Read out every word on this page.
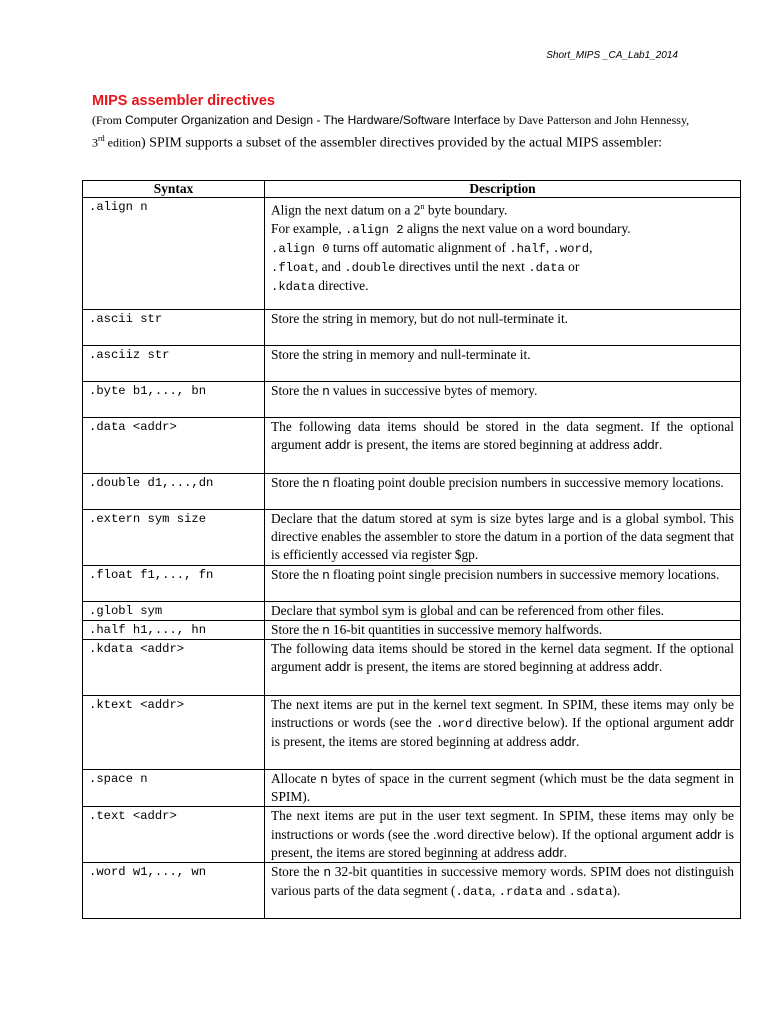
Short_MIPS _CA_Lab1_2014
MIPS assembler directives
(From Computer Organization and Design - The Hardware/Software Interface by Dave Patterson and John Hennessy, 3rd edition) SPIM supports a subset of the assembler directives provided by the actual MIPS assembler:
Syntax	Description
.align n	Align the next datum on a 2$^n$ byte boundary.
For example, .align 2 aligns the next value on a word boundary.
.align 0 turns off automatic alignment of .half, .word,
.float, and .double directives until the next .data or
.kdata directive.
.ascii str	Store the string in memory, but do not null-terminate it.
.asciiz str	Store the string in memory and null-terminate it.
.byte b1,..., bn	Store the n values in successive bytes of memory.
.data <addr>	The following data items should be stored in the data segment. If the optional argument addr is present, the items are stored beginning at address addr.
.double d1,...,dn	Store the n floating point double precision numbers in successive memory locations.
.extern sym size	Declare that the datum stored at sym is size bytes large and is a global symbol. This directive enables the assembler to store the datum in a portion of the data segment that is efficiently accessed via register $gp.
.float f1,..., fn	Store the n floating point single precision numbers in successive memory locations.
.globl sym	Declare that symbol sym is global and can be referenced from other files.
.half h1,..., hn	Store the n 16-bit quantities in successive memory halfwords.
.kdata <addr>	The following data items should be stored in the kernel data segment. If the optional argument addr is present, the items are stored beginning at address addr.
.ktext <addr>	The next items are put in the kernel text segment. In SPIM, these items may only be instructions or words (see the .word directive below). If the optional argument addr is present, the items are stored beginning at address addr.
.space n	Allocate n bytes of space in the current segment (which must be the data segment in SPIM).
.text <addr>	The next items are put in the user text segment. In SPIM, these items may only be instructions or words (see the .word directive below). If the optional argument addr is present, the items are stored beginning at address addr.
.word w1,..., wn	Store the n 32-bit quantities in successive memory words. SPIM does not distinguish various parts of the data segment (.data, .rdata and .sdata).
